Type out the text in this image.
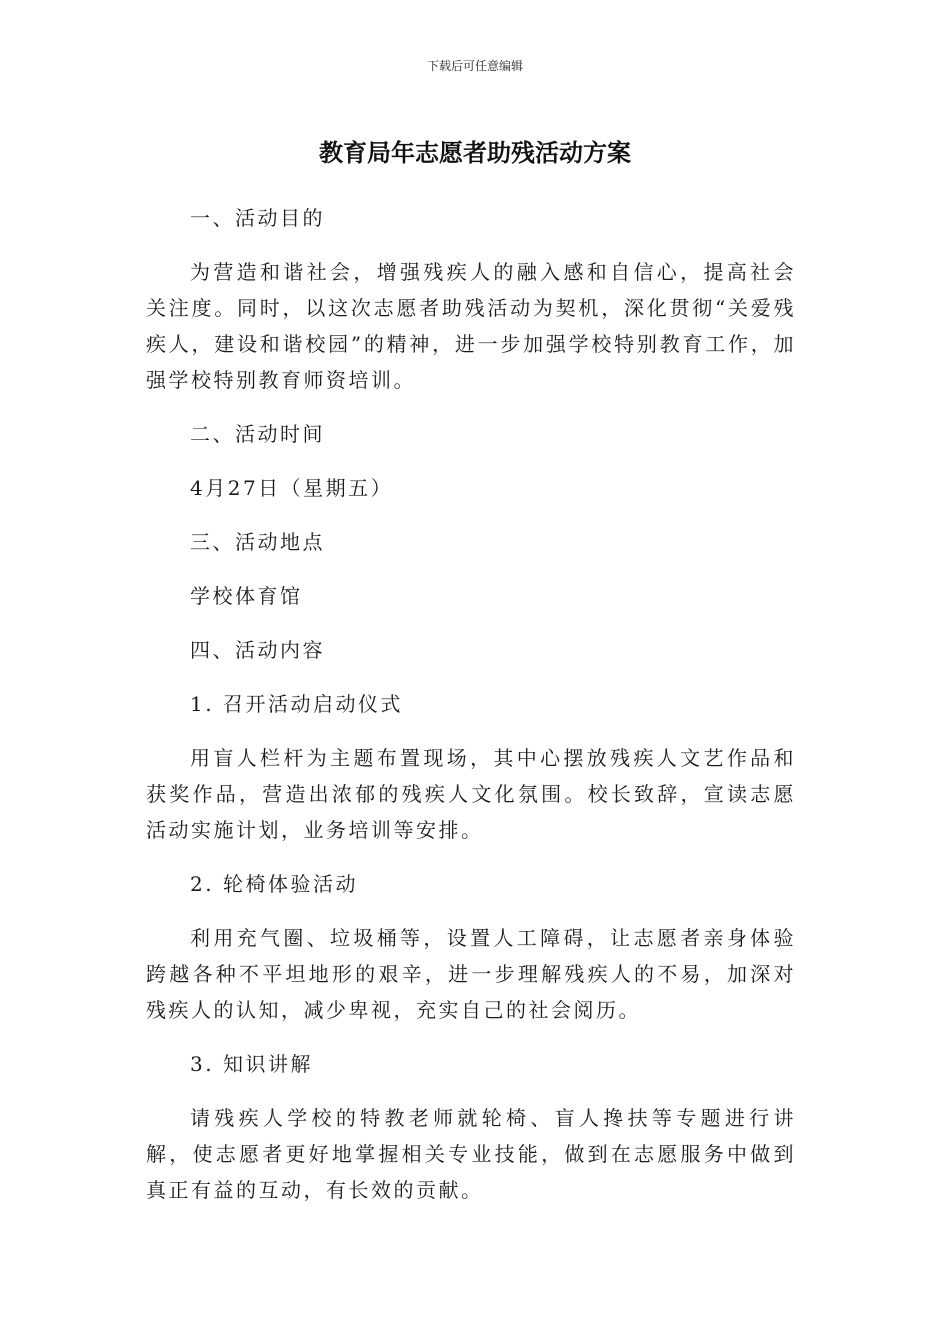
下载后可任意编辑
教育局年志愿者助残活动方案

一、活动目的

为营造和谐社会，增强残疾人的融入感和自信心，提高社会关注度。同时，以这次志愿者助残活动为契机，深化贯彻“关爱残疾人，建设和谐校园”的精神，进一步加强学校特别教育工作，加强学校特别教育师资培训。

二、活动时间

4月27日（星期五）

三、活动地点

学校体育馆

四、活动内容

1. 召开活动启动仪式

用盲人栏杆为主题布置现场，其中心摆放残疾人文艺作品和获奖作品，营造出浓郁的残疾人文化氛围。校长致辞，宣读志愿活动实施计划，业务培训等安排。

2. 轮椅体验活动

利用充气圈、垃圾桶等，设置人工障碍，让志愿者亲身体验跨越各种不平坦地形的艰辛，进一步理解残疾人的不易，加深对残疾人的认知，减少卑视，充实自己的社会阅历。

3. 知识讲解

请残疾人学校的特教老师就轮椅、盲人搀扶等专题进行讲解，使志愿者更好地掌握相关专业技能，做到在志愿服务中做到真正有益的互动，有长效的贡献。
